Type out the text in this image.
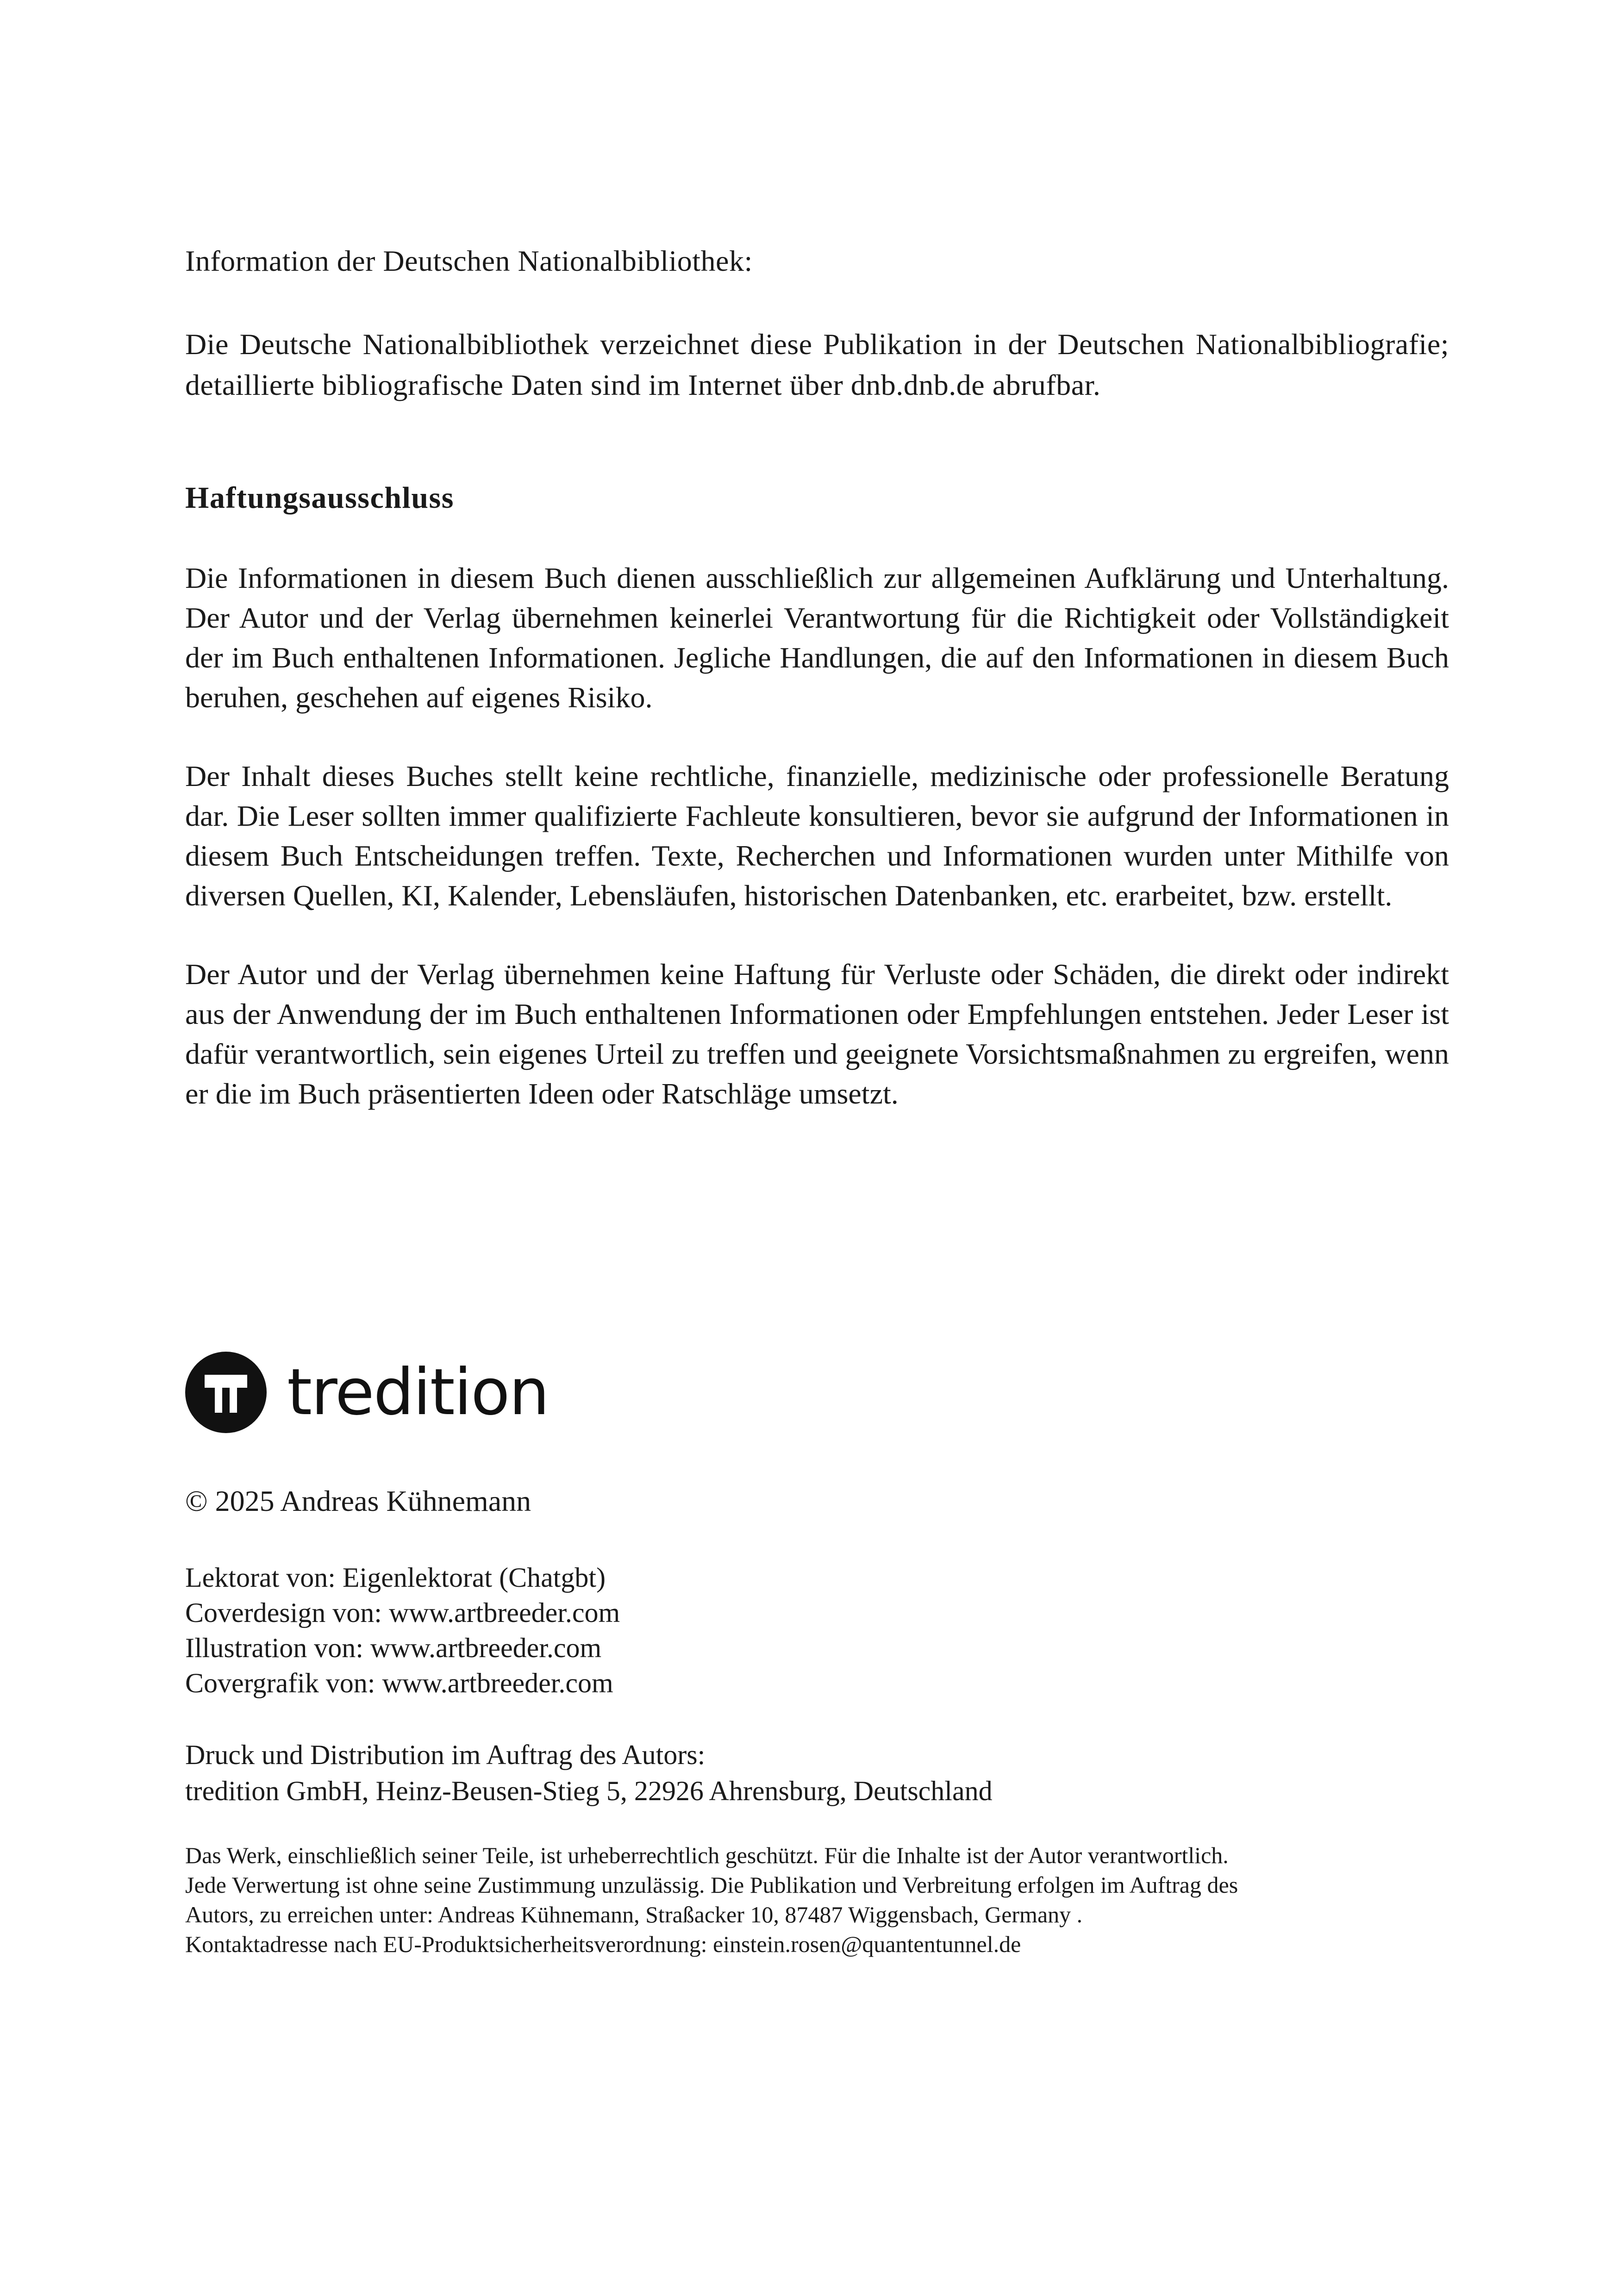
Information der Deutschen Nationalbibliothek:

Die Deutsche Nationalbibliothek verzeichnet diese Publikation in der Deutschen Nationalbibliografie; detaillierte bibliografische Daten sind im Internet über dnb.dnb.de abrufbar.

Haftungsausschluss

Die Informationen in diesem Buch dienen ausschließlich zur allgemeinen Aufklärung und Unterhaltung. Der Autor und der Verlag übernehmen keinerlei Verantwortung für die Richtigkeit oder Vollständigkeit der im Buch enthaltenen Informationen. Jegliche Handlungen, die auf den Informationen in diesem Buch beruhen, geschehen auf eigenes Risiko.

Der Inhalt dieses Buches stellt keine rechtliche, finanzielle, medizinische oder professionelle Beratung dar. Die Leser sollten immer qualifizierte Fachleute konsultieren, bevor sie aufgrund der Informationen in diesem Buch Entscheidungen treffen. Texte, Recherchen und Informationen wurden unter Mithilfe von diversen Quellen, KI, Kalender, Lebensläufen, historischen Datenbanken, etc. erarbeitet, bzw. erstellt.

Der Autor und der Verlag übernehmen keine Haftung für Verluste oder Schäden, die direkt oder indirekt aus der Anwendung der im Buch enthaltenen Informationen oder Empfehlungen entstehen. Jeder Leser ist dafür verantwortlich, sein eigenes Urteil zu treffen und geeignete Vorsichtsmaßnahmen zu ergreifen, wenn er die im Buch präsentierten Ideen oder Ratschläge umsetzt.

tredition

© 2025 Andreas Kühnemann

Lektorat von: Eigenlektorat (Chatgbt)
Coverdesign von: www.artbreeder.com
Illustration von: www.artbreeder.com
Covergrafik von: www.artbreeder.com
Druck und Distribution im Auftrag des Autors:
tredition GmbH, Heinz-Beusen-Stieg 5, 22926 Ahrensburg, Deutschland
Das Werk, einschließlich seiner Teile, ist urheberrechtlich geschützt. Für die Inhalte ist der Autor verantwortlich.
Jede Verwertung ist ohne seine Zustimmung unzulässig. Die Publikation und Verbreitung erfolgen im Auftrag des
Autors, zu erreichen unter: Andreas Kühnemann, Straßacker 10, 87487 Wiggensbach, Germany .
Kontaktadresse nach EU-Produktsicherheitsverordnung: einstein.rosen@quantentunnel.de
